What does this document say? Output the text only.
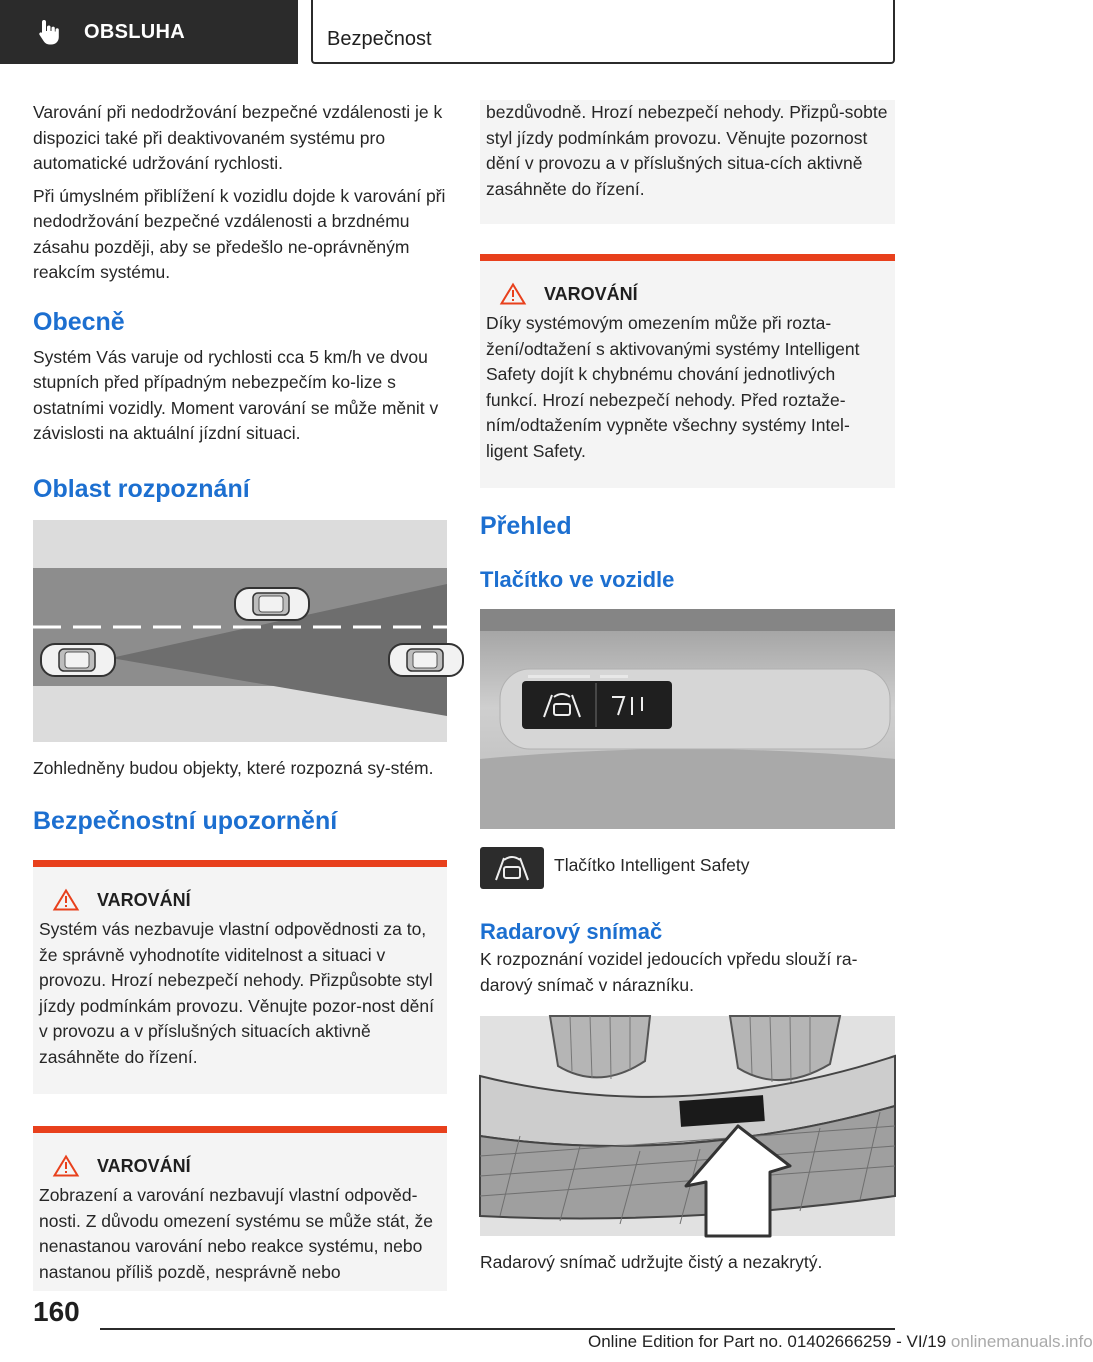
OBSLUHA	Bezpečnost
Varování při nedodržování bezpečné vzdálenosti je k dispozici také při deaktivovaném systému pro automatické udržování rychlosti.
Při úmyslném přiblížení k vozidlu dojde k varování při nedodržování bezpečné vzdálenosti a brzdnému zásahu později, aby se předešlo ne‐oprávněným reakcím systému.
Obecně
Systém Vás varuje od rychlosti cca 5 km/h ve dvou stupních před případným nebezpečím ko‐lize s ostatními vozidly. Moment varování se může měnit v závislosti na aktuální jízdní situaci.
Oblast rozpoznání
Zohledněny budou objekty, které rozpozná sy‐stém.
Bezpečnostní upozornění
VAROVÁNÍ
Systém vás nezbavuje vlastní odpovědnosti za to, že správně vyhodnotíte viditelnost a situaci v provozu. Hrozí nebezpečí nehody. Přizpůsobte styl jízdy podmínkám provozu. Věnujte pozor‐nost dění v provozu a v příslušných situacích aktivně zasáhněte do řízení.
VAROVÁNÍ
Zobrazení a varování nezbavují vlastní odpověd‐nosti. Z důvodu omezení systému se může stát, že nenastanou varování nebo reakce systému, nebo nastanou příliš pozdě, nesprávně nebo
bezdůvodně. Hrozí nebezpečí nehody. Přizpů‐sobte styl jízdy podmínkám provozu. Věnujte pozornost dění v provozu a v příslušných situa‐cích aktivně zasáhněte do řízení.
VAROVÁNÍ
Díky systémovým omezením může při rozta‐žení/odtažení s aktivovanými systémy Intelligent Safety dojít k chybnému chování jednotlivých funkcí. Hrozí nebezpečí nehody. Před roztaže‐ním/odtažením vypněte všechny systémy Intel‐ligent Safety.
Přehled
Tlačítko ve vozidle
Tlačítko Intelligent Safety
Radarový snímač
K rozpoznání vozidel jedoucích vpředu slouží ra‐darový snímač v nárazníku.
Radarový snímač udržujte čistý a nezakrytý.
160
Online Edition for Part no. 01402666259 - VI/19 onlinemanuals.info
